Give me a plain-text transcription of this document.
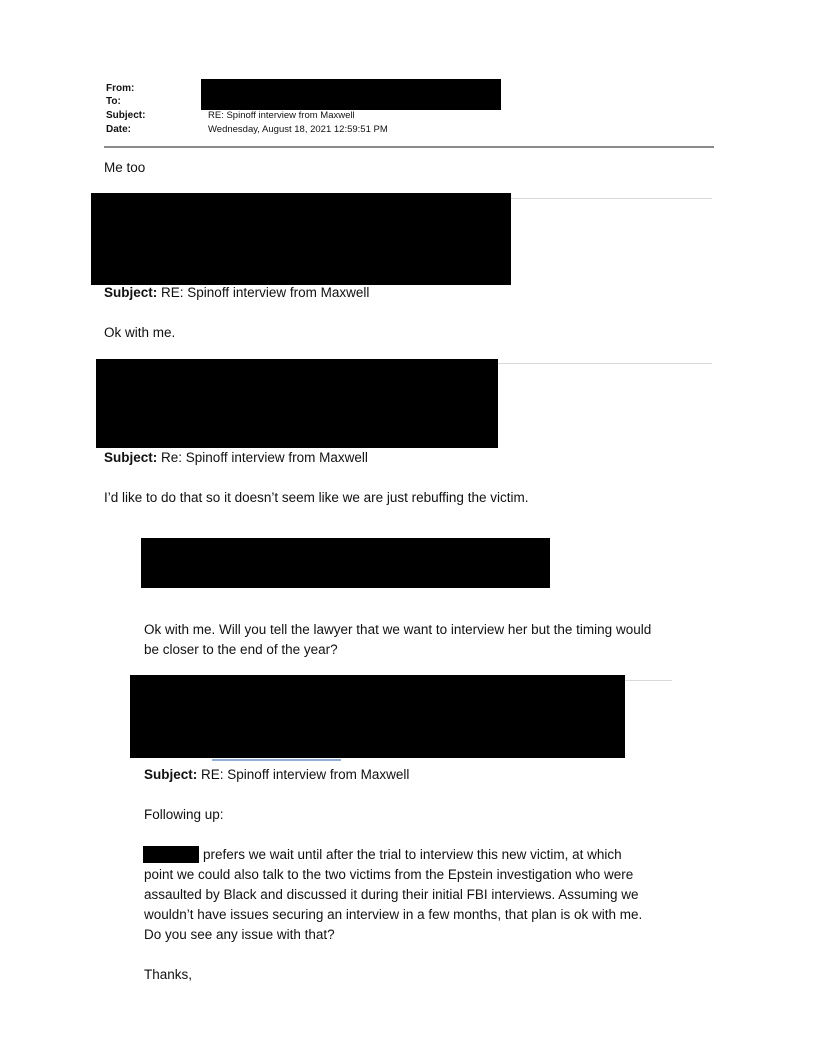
From:
To:
Subject:
Date:
RE: Spinoff interview from Maxwell
Wednesday, August 18, 2021 12:59:51 PM
Me too
Subject: RE: Spinoff interview from Maxwell
Ok with me.
Subject: Re: Spinoff interview from Maxwell
I’d like to do that so it doesn’t seem like we are just rebuffing the victim.
Ok with me. Will you tell the lawyer that we want to interview her but the timing would
be closer to the end of the year?
Subject: RE: Spinoff interview from Maxwell
Following up:
prefers we wait until after the trial to interview this new victim, at which
point we could also talk to the two victims from the Epstein investigation who were
assaulted by Black and discussed it during their initial FBI interviews. Assuming we
wouldn’t have issues securing an interview in a few months, that plan is ok with me.
Do you see any issue with that?
Thanks,
